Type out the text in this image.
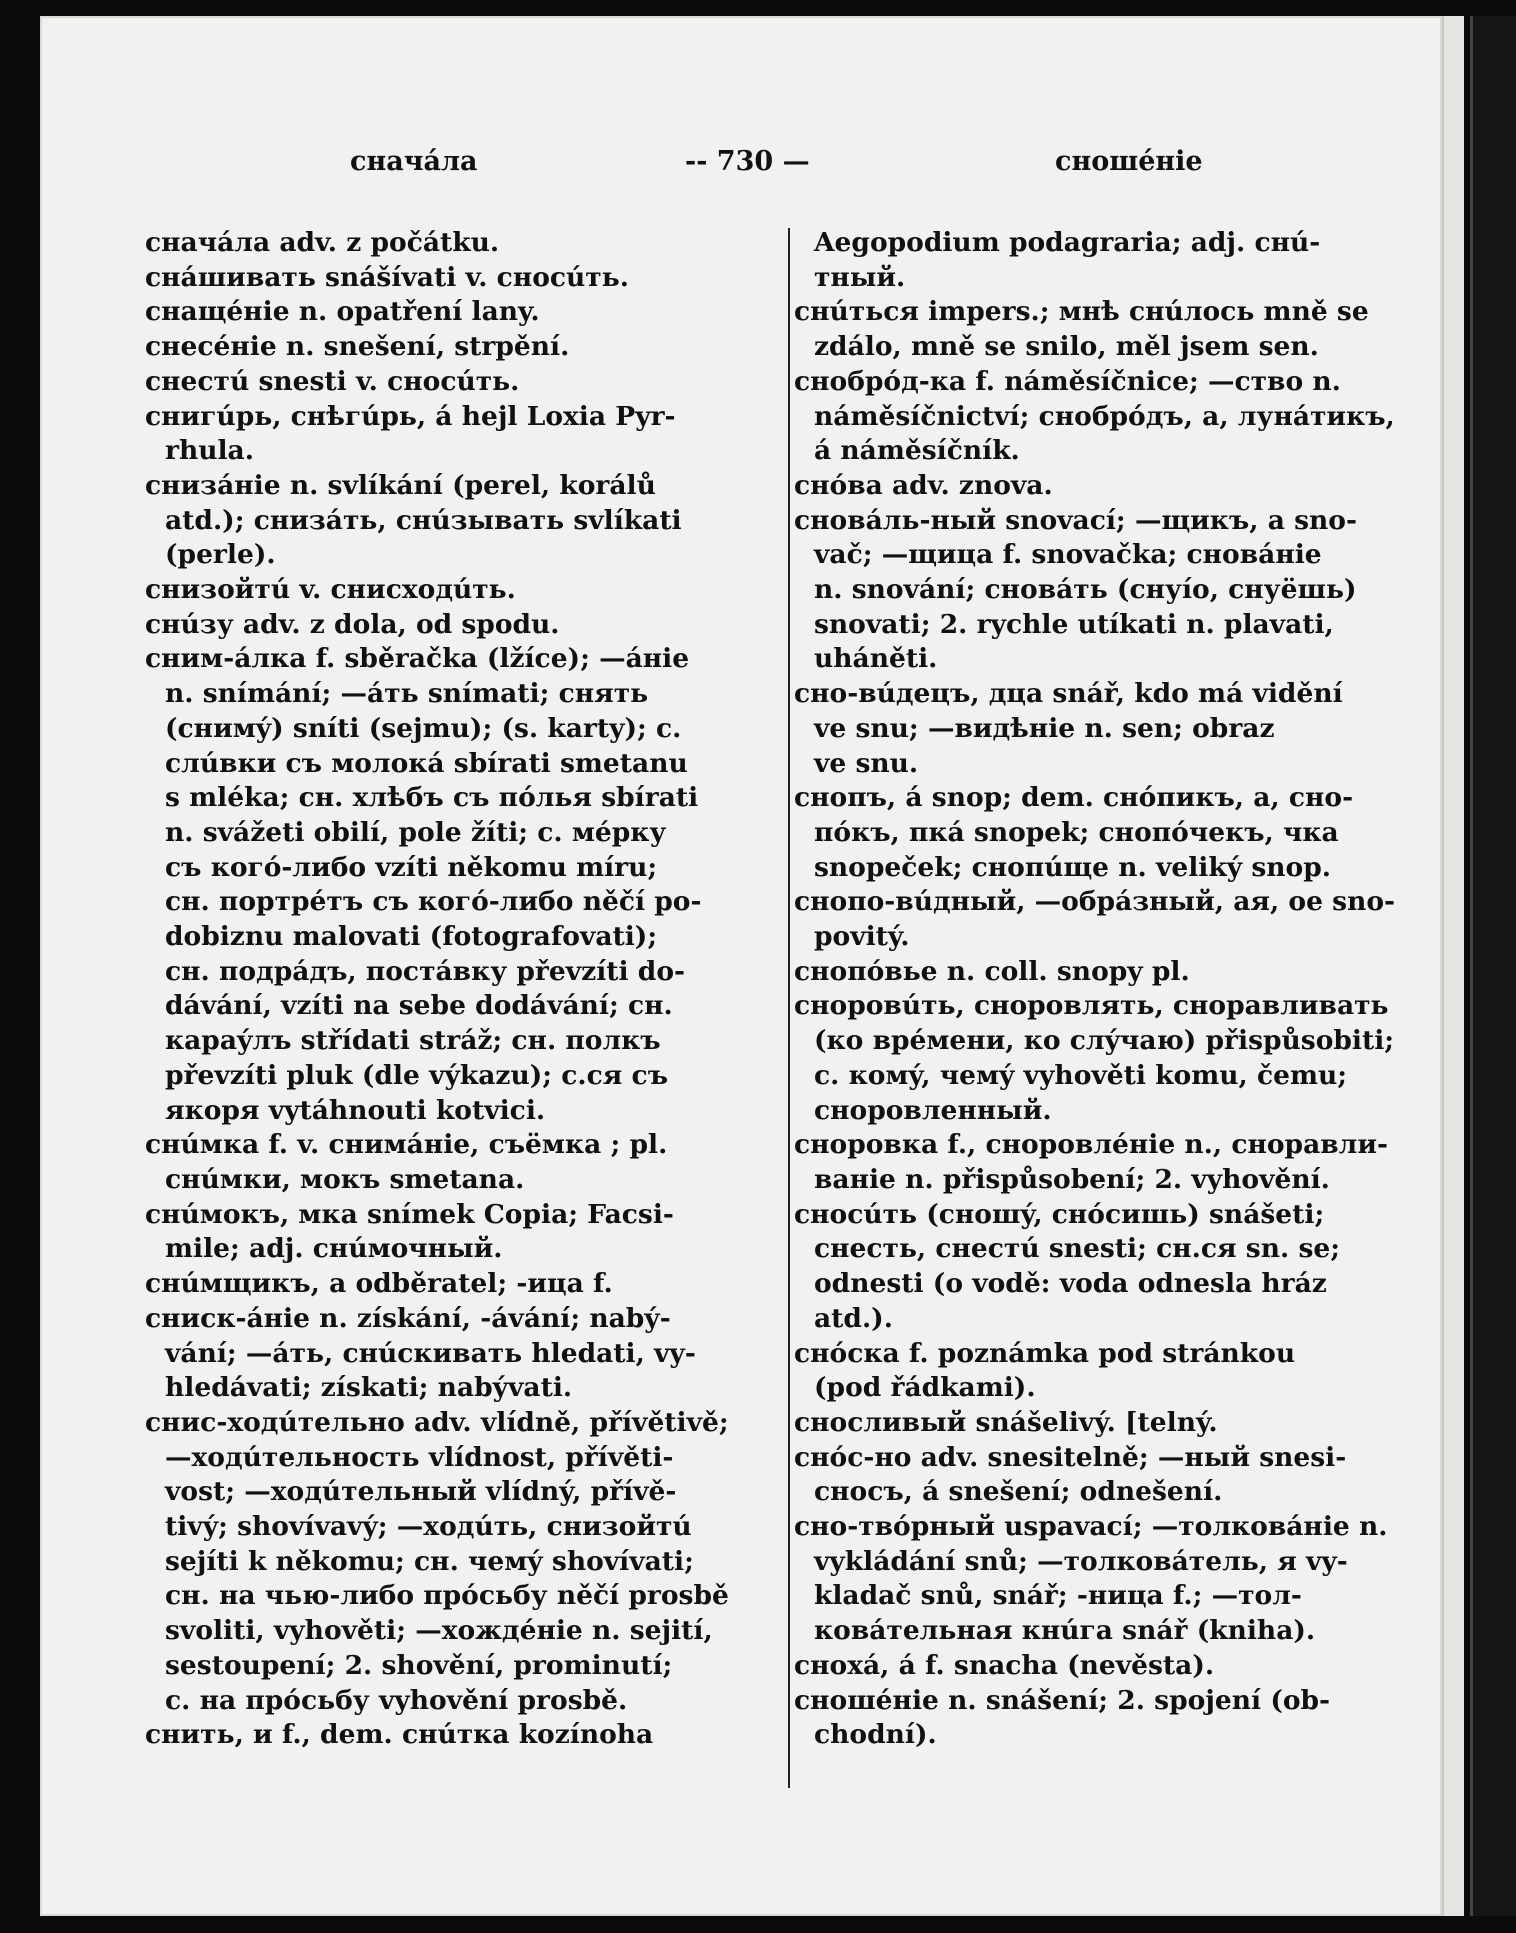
сначáла	-- 730 —	сношéніе
сначáла adv. z počátku.
снáшивать snášívati v. сносúть.
снащéніе n. opatření lany.
снесéніе n. snešení, strpění.
снестú snesti v. сносúть.
снигúрь, снѣгúрь, á hejl Loxia Pyr-
rhula.
снизáніе n. svlíkání (perel, korálů
atd.); снизáть, снúзывать svlíkati
(perle).
снизойтú v. снисходúть.
снúзу adv. z dola, od spodu.
сним-áлка f. sběračka (lžíce); —áніе
n. snímání; —áть snímati; снять
(снимý) sníti (sejmu); (s. karty); c.
слúвки съ молокá sbírati smetanu
s mléka; сн. хлѣбъ съ пóлья sbírati
n. svážeti obilí, pole žíti; c. мéрку
съ когó-либо vzíti někomu míru;
сн. портрéтъ съ когó-либо něčí po-
dobiznu malovati (fotografovati);
сн. подрáдъ, постáвку převzíti do-
dávání, vzíti na sebe dodávání; сн.
караýлъ střídati stráž; сн. полкъ
převzíti pluk (dle výkazu); с.ся съ
якоря vytáhnouti kotvici.
снúмка f. v. снимáніе, съёмка ; pl.
снúмки, мокъ smetana.
снúмокъ, мка snímek Copia; Facsi-
mile; adj. снúмочный.
снúмщикъ, a odběratel; -ица f.
сниск-áніе n. získání, -ávání; nabý-
vání; —áть, снúскивать hledati, vy-
hledávati; získati; nabývati.
снис-ходúтельно adv. vlídně, přívětivě;
—ходúтельность vlídnost, přívěti-
vost; —ходúтельный vlídný, přívě-
tivý; shovívavý; —ходúть, снизойтú
sejíti k někomu; сн. чемý shovívati;
сн. на чью-либо прóсьбу něčí prosbě
svoliti, vyhověti; —хождéніе n. sejití,
sestoupení; 2. shovění, prominutí;
с. на прóсьбу vyhovění prosbě.
снить, и f., dem. снúтка kozínoha
Aegopodium podagraria; adj. снú-
тный.
снúться impers.; мнѣ снúлось mně se
zdálo, mně se snilo, měl jsem sen.
снобрóд-ка f. náměsíčnice; —ство n.
náměsíčnictví; снобрóдъ, a, лунáтикъ,
á náměsíčník.
снóва adv. znova.
сновáль-ный snovací; —щикъ, a sno-
vač; —щица f. snovačka; сновáніе
n. snování; сновáть (снуíо, снуёшь)
snovati; 2. rychle utíkati n. plavati,
uháněti.
сно-вúдецъ, дца snář, kdo má vidění
ve snu; —видѣніе n. sen; obraz
ve snu.
снопъ, á snop; dem. снóпикъ, a, сно-
пóкъ, пкá snopek; снопóчекъ, чка
snopeček; снопúще n. veliký snop.
снопо-вúдный, —обрáзный, ая, ое sno-
povitý.
снопóвье n. coll. snopy pl.
сноровúть, сноровлять, сноравливать
(ко врéмени, ко слýчаю) přispůsobiti;
c. комý, чемý vyhověti komu, čemu;
сноровленный.
сноровка f., сноровлéніе n., сноравли-
ваніе n. přispůsobení; 2. vyhovění.
сносúть (сношý, снóсишь) snášeti;
снесть, снестú snesti; сн.ся sn. se;
odnesti (o vodě: voda odnesla hráz
atd.).
снóска f. poznámka pod stránkou
(pod řádkami).
сносливый snášelivý. [telný.
снóс-но adv. snesitelně; —ный snesi-
сносъ, á snešení; odnešení.
сно-твóрный uspavací; —толковáніе n.
vykládání snů; —толковáтель, я vy-
kladač snů, snář; -ница f.; —тол-
ковáтельная кнúга snář (kniha).
снохá, á f. snacha (nevěsta).
сношéніе n. snášení; 2. spojení (ob-
chodní).
